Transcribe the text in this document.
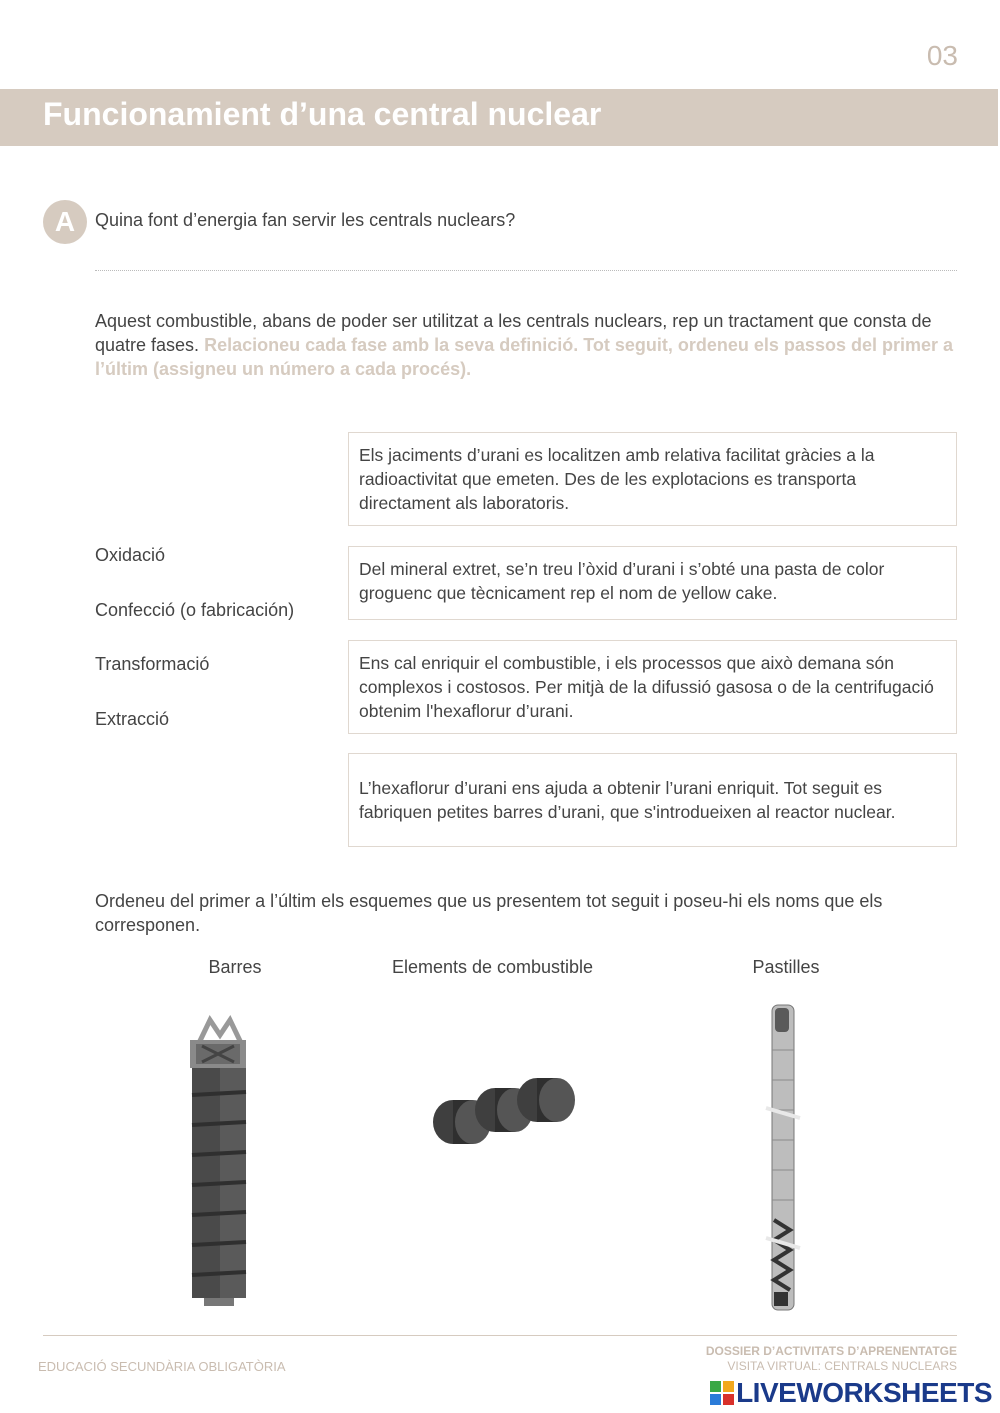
03
Funcionamient d’una central nuclear
A	Quina font d’energia fan servir les centrals nuclears?
Aquest combustible, abans de poder ser utilitzat a les centrals nuclears, rep un tractament que consta de quatre fases. Relacioneu cada fase amb la seva definició. Tot seguit, ordeneu els passos del primer a l’últim (assigneu un número a cada procés).
Oxidació
Confecció (o fabricación)
Transformació
Extracció
Els jaciments d’urani es localitzen amb relativa facilitat gràcies a la radioactivitat que emeten. Des de les explotacions es transporta directament als laboratoris.
Del mineral extret, se’n treu l’òxid d’urani i s’obté una pasta de color groguenc que tècnicament rep el nom de yellow cake.
Ens cal enriquir el combustible, i els processos que això demana són complexos i costosos. Per mitjà de la difussió gasosa o de la centrifugació obtenim l'hexaflorur d’urani.
L’hexaflorur d’urani ens ajuda a obtenir l’urani enriquit. Tot seguit es fabriquen petites barres d’urani, que s'introdueixen al reactor nuclear.
Ordeneu del primer a l’últim els esquemes que us presentem tot seguit i poseu-hi els noms que els corresponen.
Barres	Elements de combustible	Pastilles
EDUCACIÓ SECUNDÀRIA OBLIGATÒRIA
DOSSIER D’ACTIVITATS D’APRENENTATGE
VISITA VIRTUAL: CENTRALS NUCLEARS
LIVEWORKSHEETS
